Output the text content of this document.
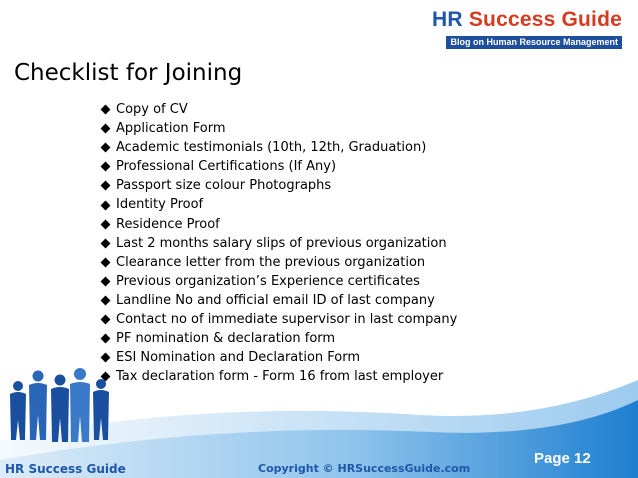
HR Success Guide
Blog on Human Resource Management
Checklist for Joining
Copy of CV
Application Form
Academic testimonials (10th, 12th, Graduation)
Professional Certifications (If Any)
Passport size colour Photographs
Identity Proof
Residence Proof
Last 2 months salary slips of previous organization
Clearance letter from the previous organization
Previous organization’s Experience certificates
Landline No and official email ID of last company
Contact no of immediate supervisor in last company
PF nomination & declaration form
ESI Nomination and Declaration Form
Tax declaration form - Form 16 from last employer
Page 12
HR Success Guide	Copyright © HRSuccessGuide.com
